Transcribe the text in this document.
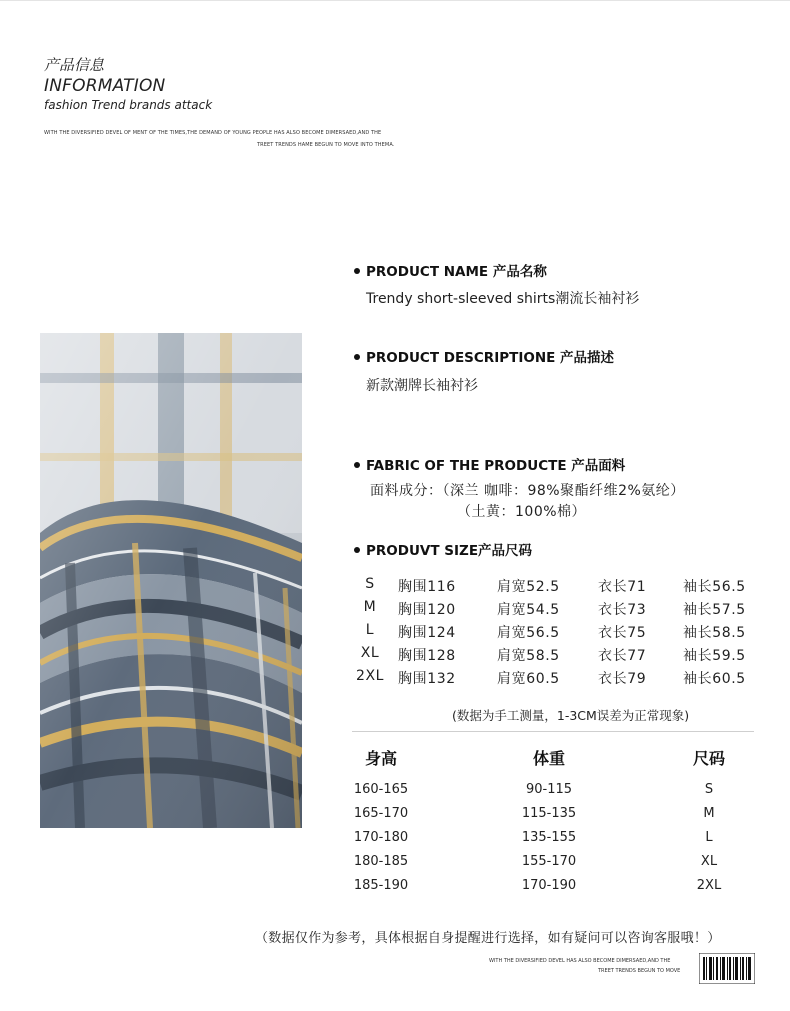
产品信息
INFORMATION
fashion Trend brands attack
WITH THE DIVERSIFIED DEVEL OF MENT OF THE TIMES,THE DEMAND OF YOUNG PEOPLE HAS ALSO BECOME DIMERSAED,AND THE
TREET TRENDS HAME BEGUN TO MOVE INTO THEMA.
PRODUCT NAME 产品名称
Trendy short-sleeved shirts潮流长袖衬衫
PRODUCT DESCRIPTIONE 产品描述
新款潮牌长袖衬衫
FABRIC OF THE PRODUCTE 产品面料
面料成分：（深兰 咖啡：98%聚酯纤维2%氨纶）
（土黄：100%棉）
PRODUVT SIZE产品尺码
S	胸围116	肩宽52.5	衣长71	袖长56.5
M	胸围120	肩宽54.5	衣长73	袖长57.5
L	胸围124	肩宽56.5	衣长75	袖长58.5
XL	胸围128	肩宽58.5	衣长77	袖长59.5
2XL 胸围132	肩宽60.5	衣长79	袖长60.5
(数据为手工测量，1-3CM误差为正常现象)
身高	体重	尺码
160-165	90-115	S
165-170	115-135	M
170-180	135-155	L
180-185	155-170	XL
185-190	170-190	2XL
（数据仅作为参考，具体根据自身提醒进行选择，如有疑问可以咨询客服哦！）
WITH THE DIVERSIFIED DEVEL HAS ALSO BECOME DIMERSAED,AND THE
TREET TRENDS BEGUN TO MOVE
